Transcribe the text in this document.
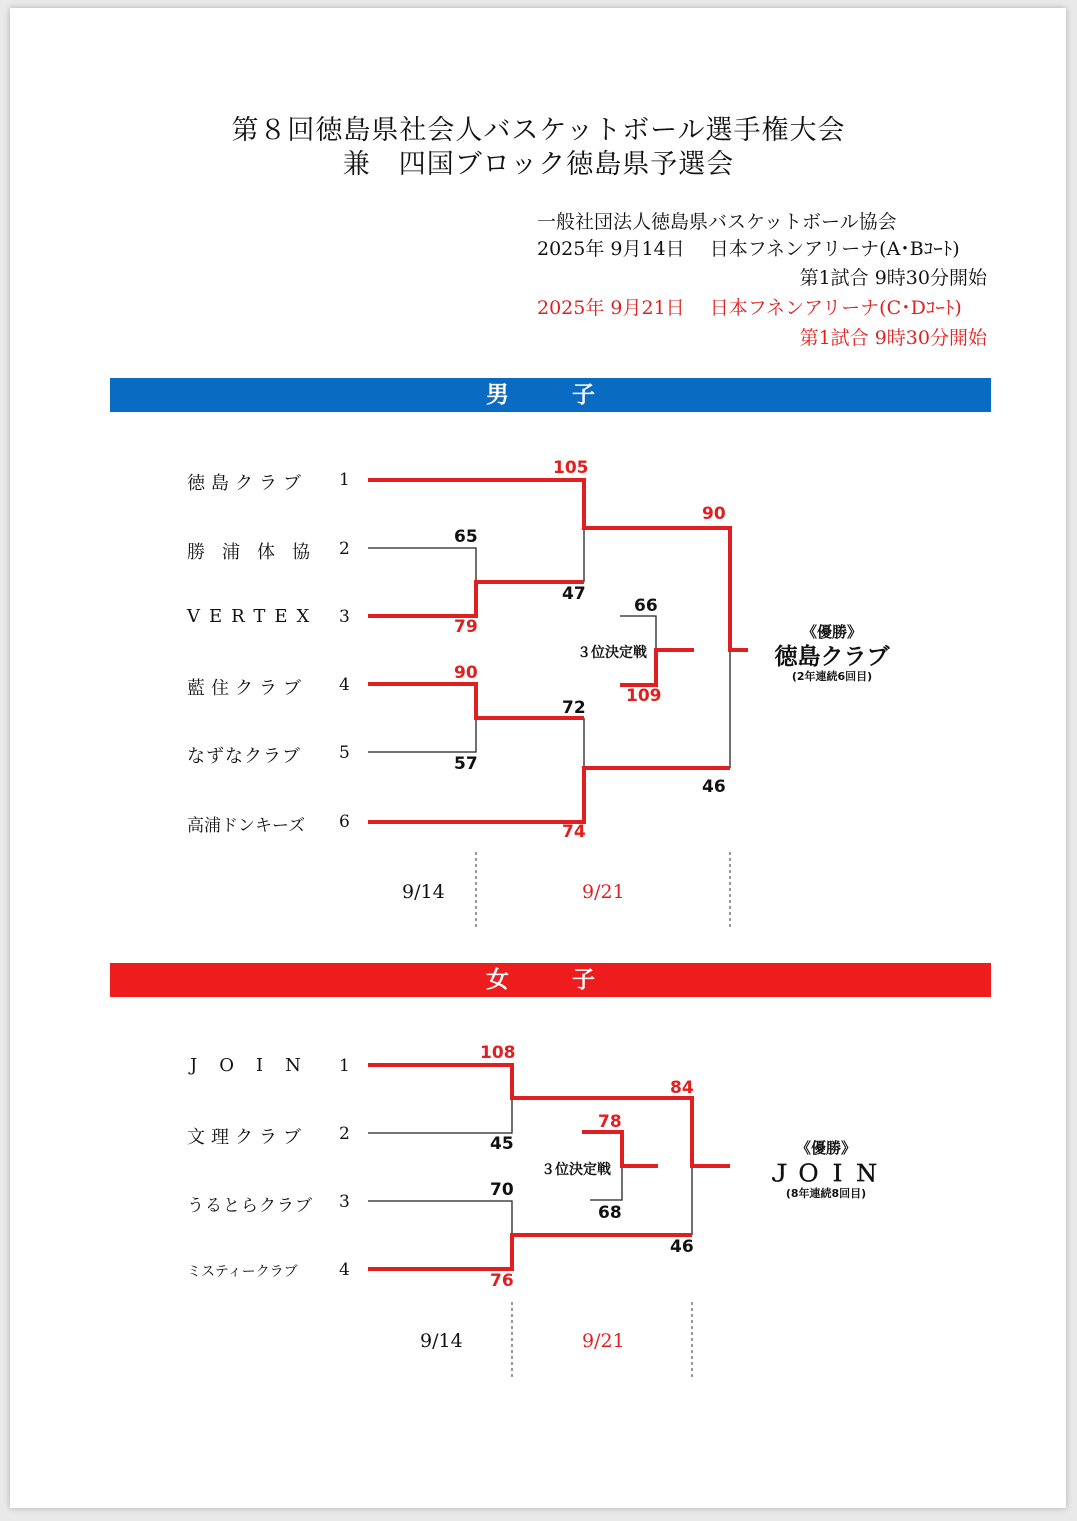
第８回徳島県社会人バスケットボール選手権大会
兼　四国ブロック徳島県予選会
一般社団法人徳島県バスケットボール協会
2025年 9月14日　 日本フネンアリーナ(A･Bｺｰﾄ)
第1試合 9時30分開始
2025年 9月21日　 日本フネンアリーナ(C･Dｺｰﾄ)
第1試合 9時30分開始
男　子
女　子
徳島クラブ
勝浦体協
VERTEX
藍住クラブ
なずなクラブ
高浦ドンキーズ
1
2
3
4
5
6
65
79
90
57
105
47
72
74
90
46
66
109
３位決定戦
《優勝》
徳島クラブ
(2年連続6回目)
9/14	9/21
JOIN
文理クラブ
うるとらクラブ
ミスティークラブ
1
2
3
4
108
45
70
76
84
46
78
68
３位決定戦
《優勝》
ＪＯＩＮ
(8年連続8回目)
9/14	9/21
